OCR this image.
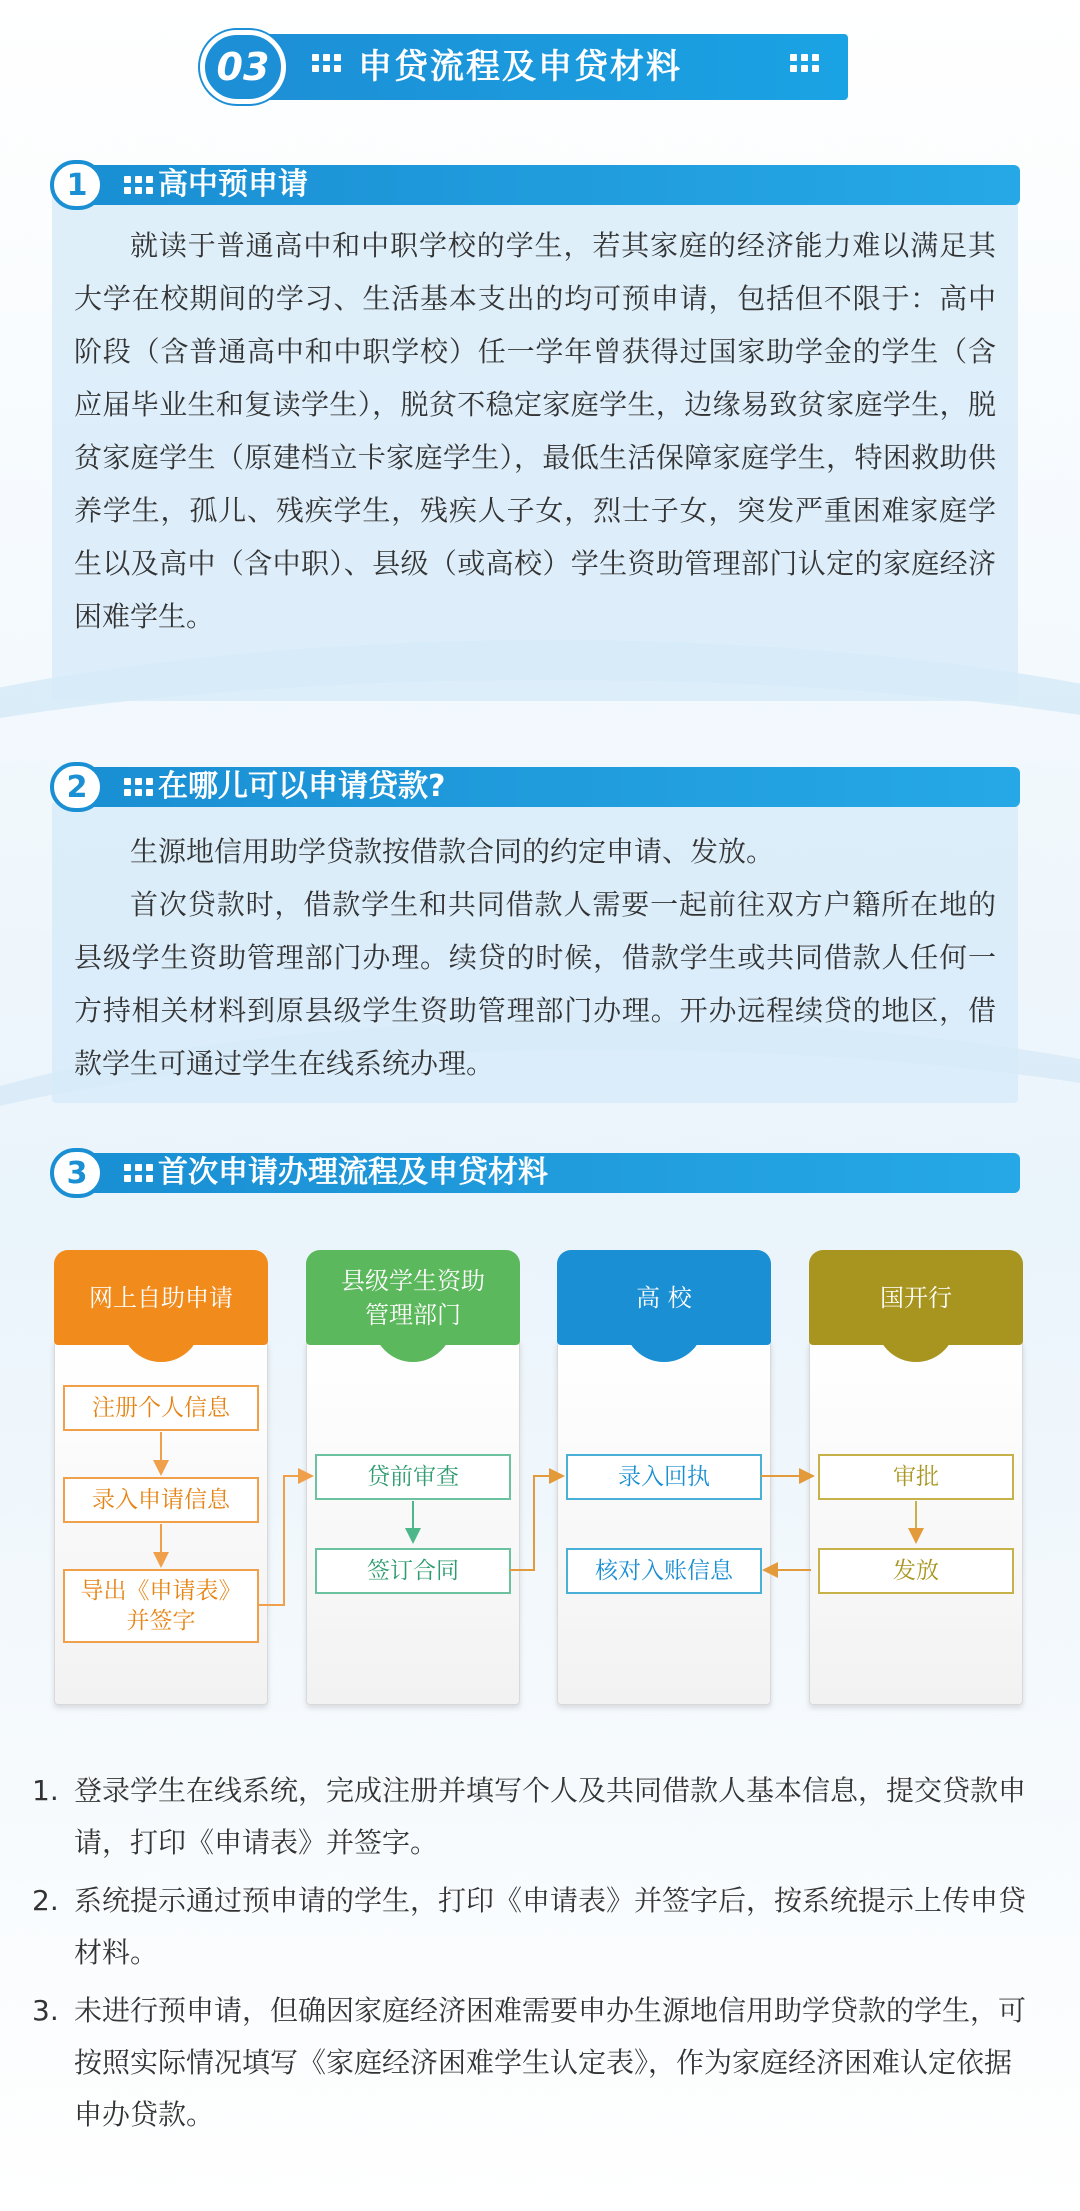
03	申贷流程及申贷材料

就读于普通高中和中职学校的学生，若其家庭的经济能力难以满足其大学在校期间的学习、生活基本支出的均可预申请，包括但不限于：高中阶段（含普通高中和中职学校）任一学年曾获得过国家助学金的学生（含应届毕业生和复读学生），脱贫不稳定家庭学生，边缘易致贫家庭学生，脱贫家庭学生（原建档立卡家庭学生），最低生活保障家庭学生，特困救助供养学生，孤儿、残疾学生，残疾人子女，烈士子女，突发严重困难家庭学生以及高中（含中职）、县级（或高校）学生资助管理部门认定的家庭经济困难学生。

1	高中预申请

生源地信用助学贷款按借款合同的约定申请、发放。

首次贷款时，借款学生和共同借款人需要一起前往双方户籍所在地的县级学生资助管理部门办理。续贷的时候，借款学生或共同借款人任何一方持相关材料到原县级学生资助管理部门办理。开办远程续贷的地区，借款学生可通过学生在线系统办理。

2	在哪儿可以申请贷款?
3	首次申请办理流程及申贷材料
网上自助申请
注册个人信息
录入申请信息
导出《申请表》
并签字
县级学生资助
管理部门
贷前审查
签订合同
高 校
录入回执
核对入账信息
国开行
审批
发放
1. 登录学生在线系统，完成注册并填写个人及共同借款人基本信息，提交贷款申请，打印《申请表》并签字。
2. 系统提示通过预申请的学生，打印《申请表》并签字后，按系统提示上传申贷材料。
3. 未进行预申请，但确因家庭经济困难需要申办生源地信用助学贷款的学生，可按照实际情况填写《家庭经济困难学生认定表》，作为家庭经济困难认定依据申办贷款。
